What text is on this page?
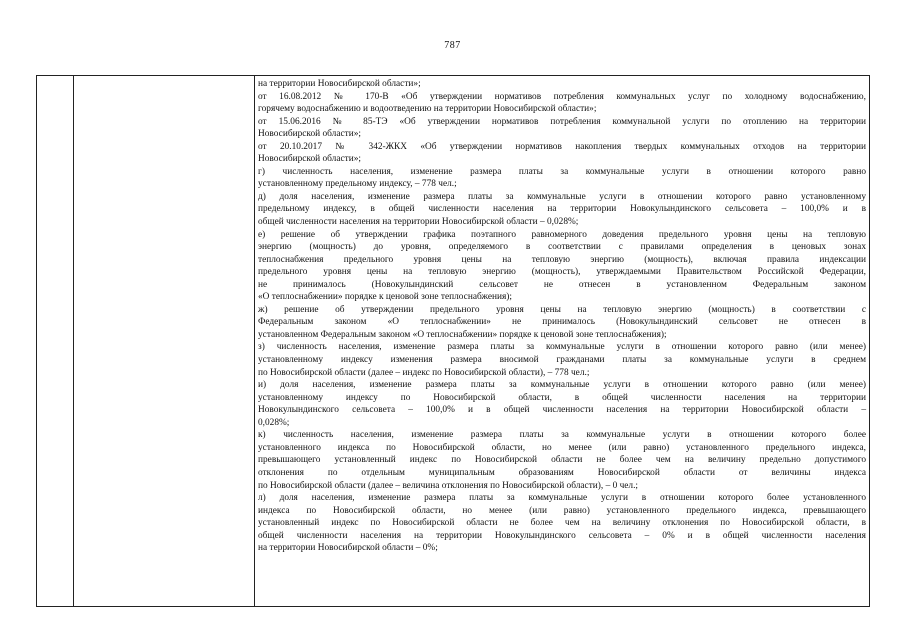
787

на территории Новосибирской области»;

от 16.08.2012 № 170-В «Об утверждении нормативов потребления коммунальных услуг по холодному водоснабжению,

горячему водоснабжению и водоотведению на территории Новосибирской области»;

от 15.06.2016 № 85-ТЭ «Об утверждении нормативов потребления коммунальной услуги по отоплению на территории

Новосибирской области»;

от 20.10.2017 № 342-ЖКХ «Об утверждении нормативов накопления твердых коммунальных отходов на территории

Новосибирской области»;

г) численность населения, изменение размера платы за коммунальные услуги в отношении которого равно

установленному предельному индексу, – 778 чел.;

д) доля населения, изменение размера платы за коммунальные услуги в отношении которого равно установленному

предельному индексу, в общей численности населения на территории Новокулындинского сельсовета – 100,0% и в

общей численности населения на территории Новосибирской области – 0,028%;

е) решение об утверждении графика поэтапного равномерного доведения предельного уровня цены на тепловую

энергию (мощность) до уровня, определяемого в соответствии с правилами определения в ценовых зонах

теплоснабжения предельного уровня цены на тепловую энергию (мощность), включая правила индексации

предельного уровня цены на тепловую энергию (мощность), утверждаемыми Правительством Российской Федерации,

не принималось (Новокулындинский сельсовет не отнесен в установленном Федеральным законом

«О теплоснабжении» порядке к ценовой зоне теплоснабжения);

ж) решение об утверждении предельного уровня цены на тепловую энергию (мощность) в соответствии с

Федеральным законом «О теплоснабжении» не принималось (Новокулындинский сельсовет не отнесен в

установленном Федеральным законом «О теплоснабжении» порядке к ценовой зоне теплоснабжения);

з) численность населения, изменение размера платы за коммунальные услуги в отношении которого равно (или менее)

установленному индексу изменения размера вносимой гражданами платы за коммунальные услуги в среднем

по Новосибирской области (далее – индекс по Новосибирской области), – 778 чел.;

и) доля населения, изменение размера платы за коммунальные услуги в отношении которого равно (или менее)

установленному индексу по Новосибирской области, в общей численности населения на территории

Новокулындинского сельсовета – 100,0% и в общей численности населения на территории Новосибирской области –

0,028%;

к) численность населения, изменение размера платы за коммунальные услуги в отношении которого более

установленного индекса по Новосибирской области, но менее (или равно) установленного предельного индекса,

превышающего установленный индекс по Новосибирской области не более чем на величину предельно допустимого

отклонения по отдельным муниципальным образованиям Новосибирской области от величины индекса

по Новосибирской области (далее – величина отклонения по Новосибирской области), – 0 чел.;

л) доля населения, изменение размера платы за коммунальные услуги в отношении которого более установленного

индекса по Новосибирской области, но менее (или равно) установленного предельного индекса, превышающего

установленный индекс по Новосибирской области не более чем на величину отклонения по Новосибирской области, в

общей численности населения на территории Новокулындинского сельсовета – 0% и в общей численности населения

на территории Новосибирской области – 0%;
